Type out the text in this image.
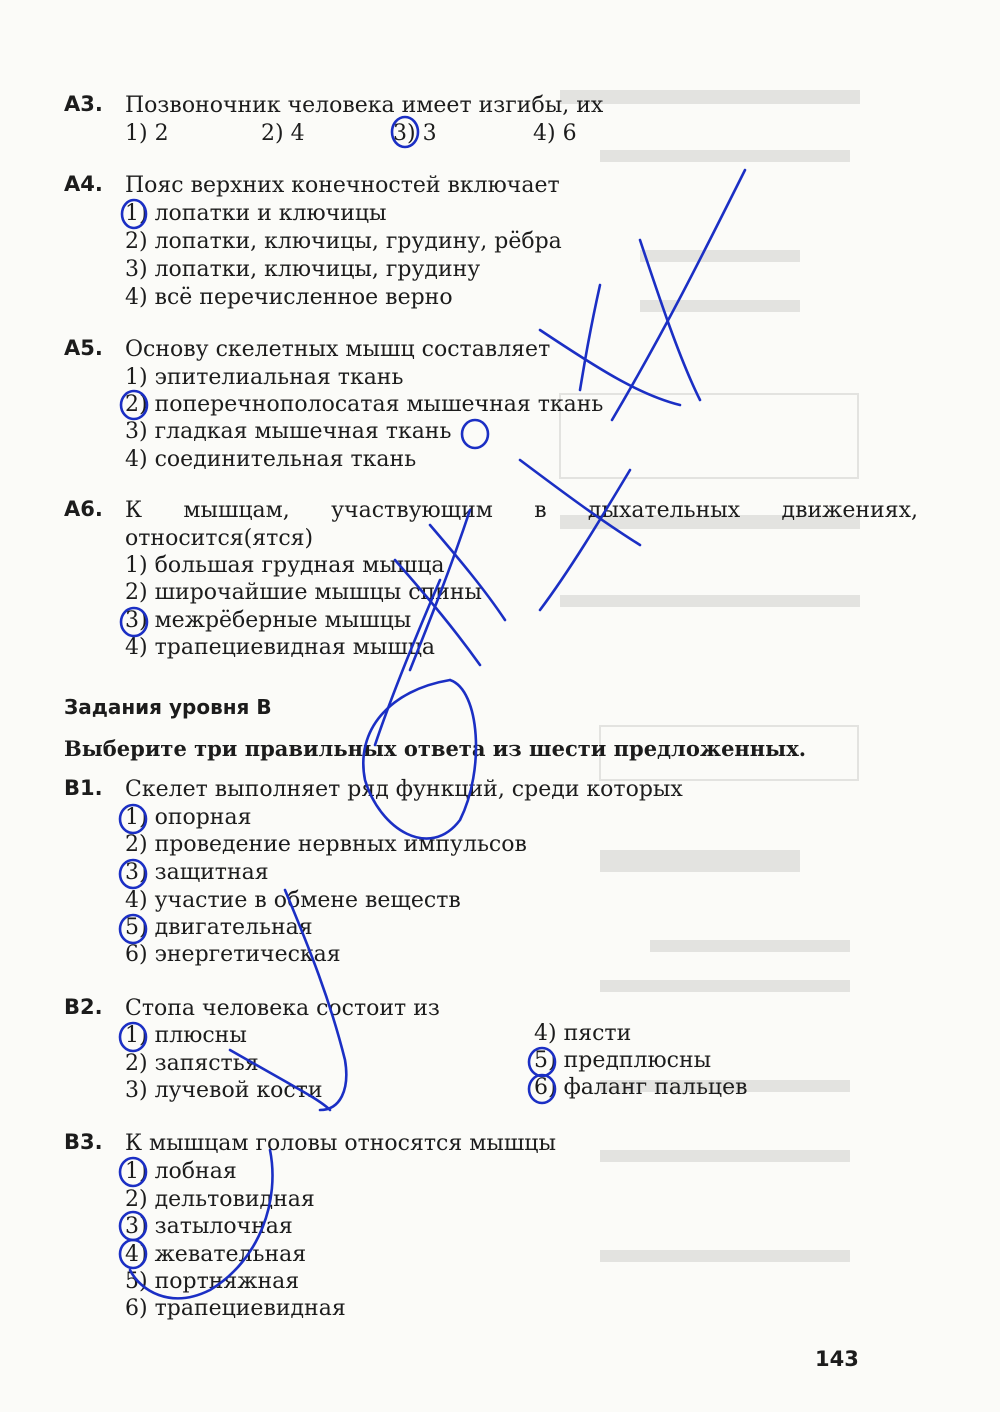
А3. Позвоночник человека имеет изгибы, их
1) 2	2) 4	3) 3	4) 6
А4. Пояс верхних конечностей включает
1) лопатки и ключицы
2) лопатки, ключицы, грудину, рёбра
3) лопатки, ключицы, грудину
4) всё перечисленное верно
А5. Основу скелетных мышц составляет
1) эпителиальная ткань
2) поперечнополосатая мышечная ткань
3) гладкая мышечная ткань
4) соединительная ткань
А6. К мышцам, участвующим в дыхательных движениях,
относится(ятся)
1) большая грудная мышца
2) широчайшие мышцы спины
3) межрёберные мышцы
4) трапециевидная мышца
Задания уровня В
Выберите три правильных ответа из шести предложенных.
В1. Скелет выполняет ряд функций, среди которых
1) опорная
2) проведение нервных импульсов
3) защитная
4) участие в обмене веществ
5) двигательная
6) энергетическая
В2. Стопа человека состоит из
1) плюсны
2) запястья
3) лучевой кости
4) пясти
5) предплюсны
6) фаланг пальцев
В3. К мышцам головы относятся мышцы
1) лобная
2) дельтовидная
3) затылочная
4) жевательная
5) портняжная
6) трапециевидная
143
